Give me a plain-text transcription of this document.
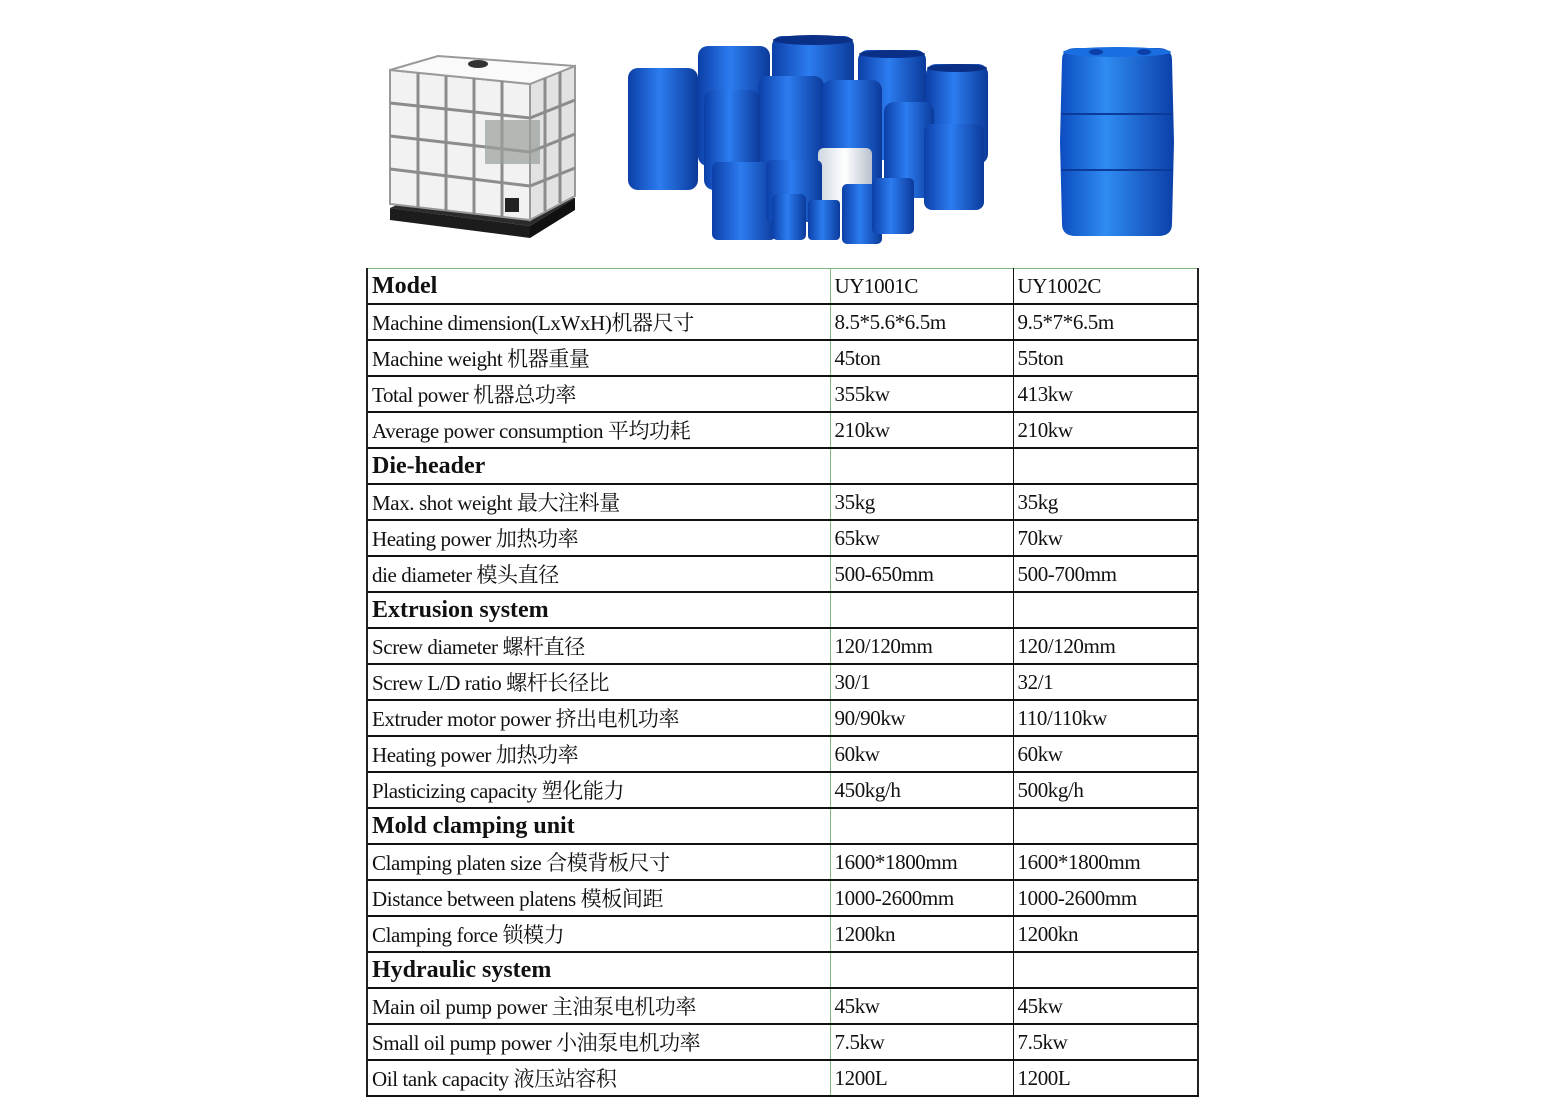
Model	UY1001C	UY1002C
Machine dimension(LxWxH)机器尺寸	8.5*5.6*6.5m	9.5*7*6.5m
Machine weight 机器重量	45ton	55ton
Total power 机器总功率	355kw	413kw
Average power consumption 平均功耗	210kw	210kw
Die-header		
Max. shot weight 最大注料量	35kg	35kg
Heating power 加热功率	65kw	70kw
die diameter 模头直径	500-650mm	500-700mm
Extrusion system		
Screw diameter 螺杆直径	120/120mm	120/120mm
Screw L/D ratio 螺杆长径比	30/1	32/1
Extruder motor power 挤出电机功率	90/90kw	110/110kw
Heating power 加热功率	60kw	60kw
Plasticizing capacity 塑化能力	450kg/h	500kg/h
Mold clamping unit		
Clamping platen size 合模背板尺寸	1600*1800mm	1600*1800mm
Distance between platens 模板间距	1000-2600mm	1000-2600mm
Clamping force 锁模力	1200kn	1200kn
Hydraulic system		
Main oil pump power 主油泵电机功率	45kw	45kw
Small oil pump power 小油泵电机功率	7.5kw	7.5kw
Oil tank capacity 液压站容积	1200L	1200L
